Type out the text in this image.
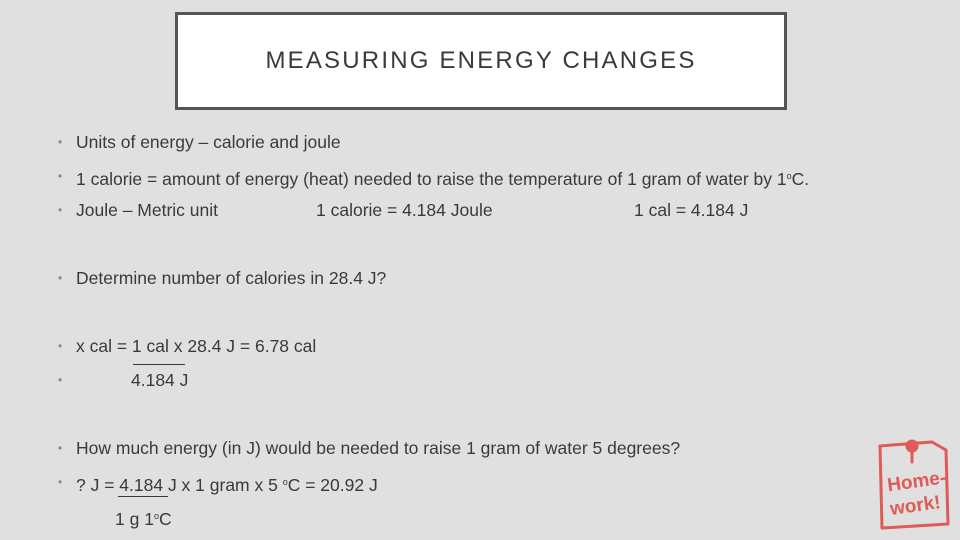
MEASURING ENERGY CHANGES
• Units of energy – calorie and joule
• 1 calorie = amount of energy (heat) needed to raise the temperature of 1 gram of water by 1$^o$C.
• Joule – Metric unit	1 calorie = 4.184 Joule	1 cal = 4.184 J
• Determine number of calories in 28.4 J?
• x cal = 1 cal x 28.4 J = 6.78 cal
•	4.184 J
• How much energy (in J) would be needed to raise 1 gram of water 5 degrees?
• ? J = 4.184 J x 1 gram x 5 $^o$C = 20.92 J
1 g 1$^o$C
Home-
work!
